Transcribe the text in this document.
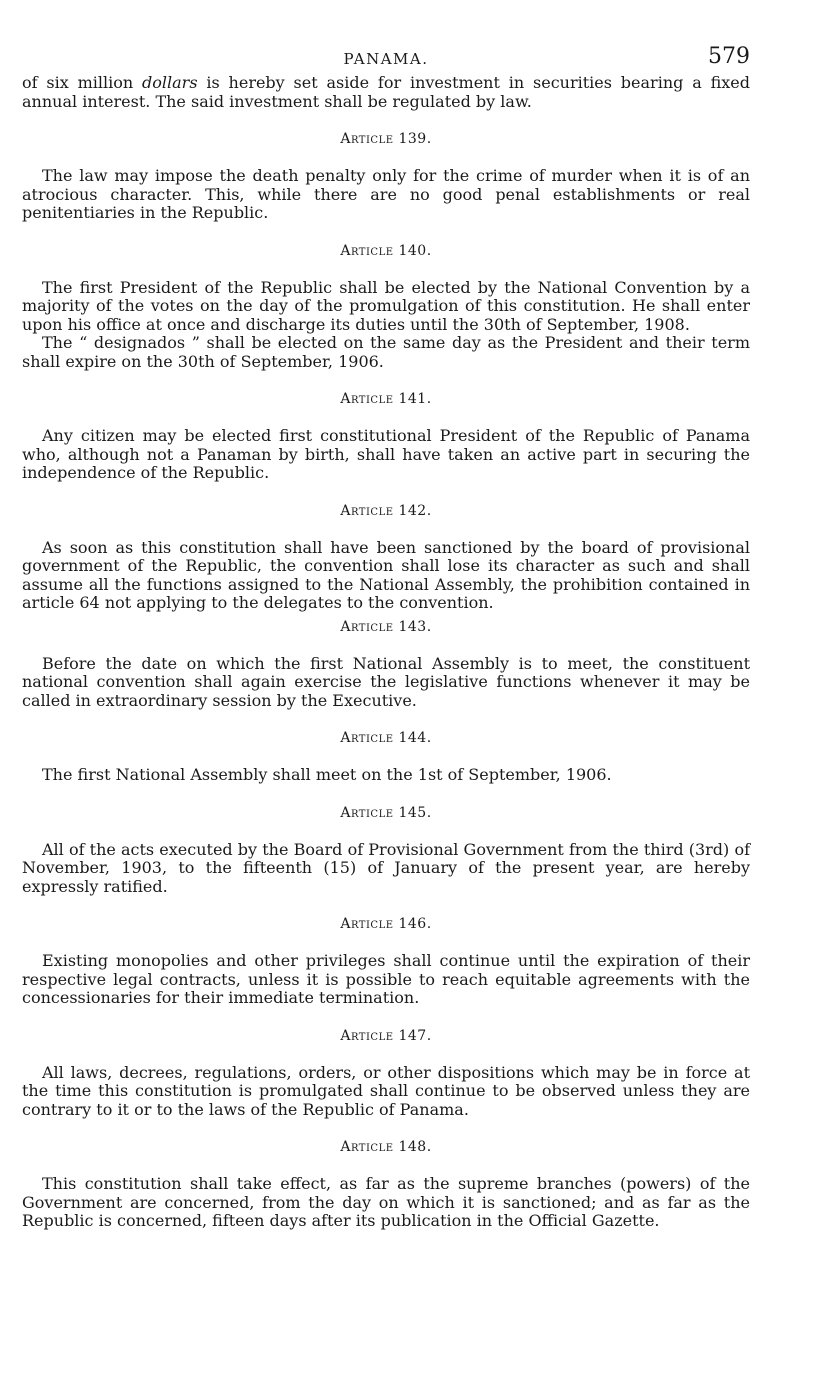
PANAMA.	579

of six million dollars is hereby set aside for investment in securities bearing a fixed annual interest. The said investment shall be regulated by law.

Article 139.

The law may impose the death penalty only for the crime of murder when it is of an atrocious character. This, while there are no good penal establishments or real penitentiaries in the Republic.

Article 140.

The first President of the Republic shall be elected by the National Convention by a majority of the votes on the day of the promulgation of this constitution. He shall enter upon his office at once and discharge its duties until the 30th of September, 1908.

The “ designados ” shall be elected on the same day as the President and their term shall expire on the 30th of September, 1906.

Article 141.

Any citizen may be elected first constitutional President of the Republic of Panama who, although not a Panaman by birth, shall have taken an active part in securing the independence of the Republic.

Article 142.

As soon as this constitution shall have been sanctioned by the board of provisional government of the Republic, the convention shall lose its character as such and shall assume all the functions assigned to the National Assembly, the prohibition contained in article 64 not applying to the delegates to the convention.

Article 143.

Before the date on which the first National Assembly is to meet, the constituent national convention shall again exercise the legislative functions whenever it may be called in extraordinary session by the Executive.

Article 144.

The first National Assembly shall meet on the 1st of September, 1906.

Article 145.

All of the acts executed by the Board of Provisional Government from the third (3rd) of November, 1903, to the fifteenth (15) of January of the present year, are hereby expressly ratified.

Article 146.

Existing monopolies and other privileges shall continue until the expiration of their respective legal contracts, unless it is possible to reach equitable agreements with the concessionaries for their immediate termination.

Article 147.

All laws, decrees, regulations, orders, or other dispositions which may be in force at the time this constitution is promulgated shall continue to be observed unless they are contrary to it or to the laws of the Republic of Panama.

Article 148.

This constitution shall take effect, as far as the supreme branches (powers) of the Government are concerned, from the day on which it is sanctioned; and as far as the Republic is concerned, fifteen days after its publication in the Official Gazette.
